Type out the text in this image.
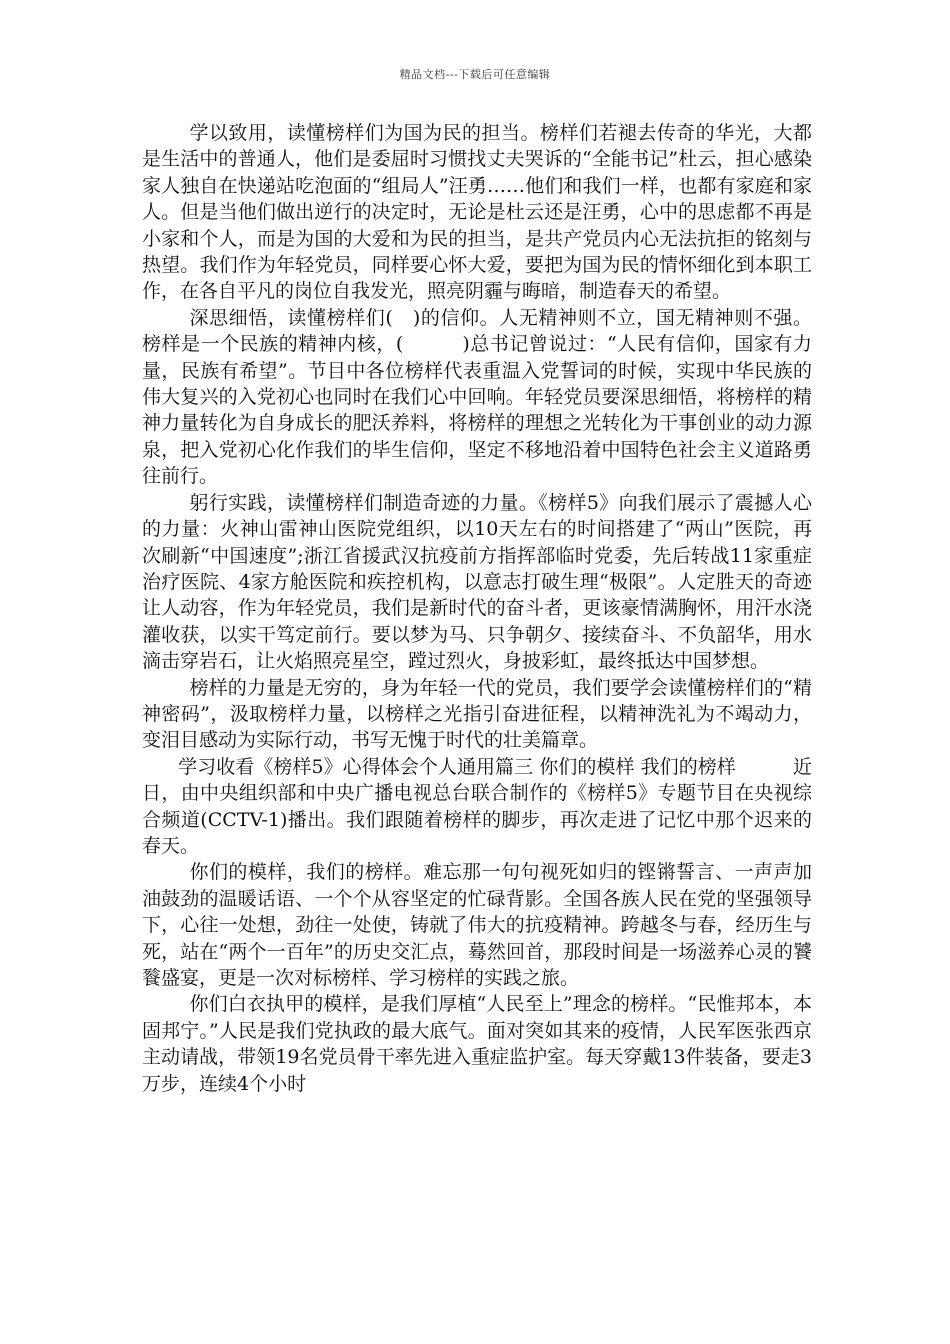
精品文档---下载后可任意编辑

学以致用，读懂榜样们为国为民的担当。榜样们若褪去传奇的华光，大都是生活中的普通人，他们是委屈时习惯找丈夫哭诉的“全能书记”杜云，担心感染家人独自在快递站吃泡面的“组局人”汪勇……他们和我们一样，也都有家庭和家人。但是当他们做出逆行的决定时，无论是杜云还是汪勇，心中的思虑都不再是小家和个人，而是为国的大爱和为民的担当，是共产党员内心无法抗拒的铭刻与热望。我们作为年轻党员，同样要心怀大爱，要把为国为民的情怀细化到本职工作，在各自平凡的岗位自我发光，照亮阴霾与晦暗，制造春天的希望。

深思细悟，读懂榜样们(　)的信仰。人无精神则不立，国无精神则不强。榜样是一个民族的精神内核，(　　　)总书记曾说过：“人民有信仰，国家有力量，民族有希望”。节目中各位榜样代表重温入党誓词的时候，实现中华民族的伟大复兴的入党初心也同时在我们心中回响。年轻党员要深思细悟，将榜样的精神力量转化为自身成长的肥沃养料，将榜样的理想之光转化为干事创业的动力源泉，把入党初心化作我们的毕生信仰，坚定不移地沿着中国特色社会主义道路勇往前行。

躬行实践，读懂榜样们制造奇迹的力量。《榜样5》向我们展示了震撼人心的力量：火神山雷神山医院党组织，以10天左右的时间搭建了“两山”医院，再次刷新“中国速度”;浙江省援武汉抗疫前方指挥部临时党委，先后转战11家重症治疗医院、4家方舱医院和疾控机构，以意志打破生理“极限”。人定胜天的奇迹让人动容，作为年轻党员，我们是新时代的奋斗者，更该豪情满胸怀，用汗水浇灌收获，以实干笃定前行。要以梦为马、只争朝夕、接续奋斗、不负韶华，用水滴击穿岩石，让火焰照亮星空，蹚过烈火，身披彩虹，最终抵达中国梦想。

榜样的力量是无穷的，身为年轻一代的党员，我们要学会读懂榜样们的“精神密码”，汲取榜样力量，以榜样之光指引奋进征程，以精神洗礼为不竭动力，变泪目感动为实际行动，书写无愧于时代的壮美篇章。

学习收看《榜样5》心得体会个人通用篇三 你们的模样 我们的榜样　　　近日，由中央组织部和中央广播电视总台联合制作的《榜样5》专题节目在央视综合频道(CCTV-1)播出。我们跟随着榜样的脚步，再次走进了记忆中那个迟来的春天。

你们的模样，我们的榜样。难忘那一句句视死如归的铿锵誓言、一声声加油鼓劲的温暖话语、一个个从容坚定的忙碌背影。全国各族人民在党的坚强领导下，心往一处想，劲往一处使，铸就了伟大的抗疫精神。跨越冬与春，经历生与死，站在“两个一百年”的历史交汇点，蓦然回首，那段时间是一场滋养心灵的饕餮盛宴，更是一次对标榜样、学习榜样的实践之旅。

你们白衣执甲的模样，是我们厚植“人民至上”理念的榜样。“民惟邦本，本固邦宁。”人民是我们党执政的最大底气。面对突如其来的疫情，人民军医张西京主动请战，带领19名党员骨干率先进入重症监护室。每天穿戴13件装备，要走3万步，连续4个小时
